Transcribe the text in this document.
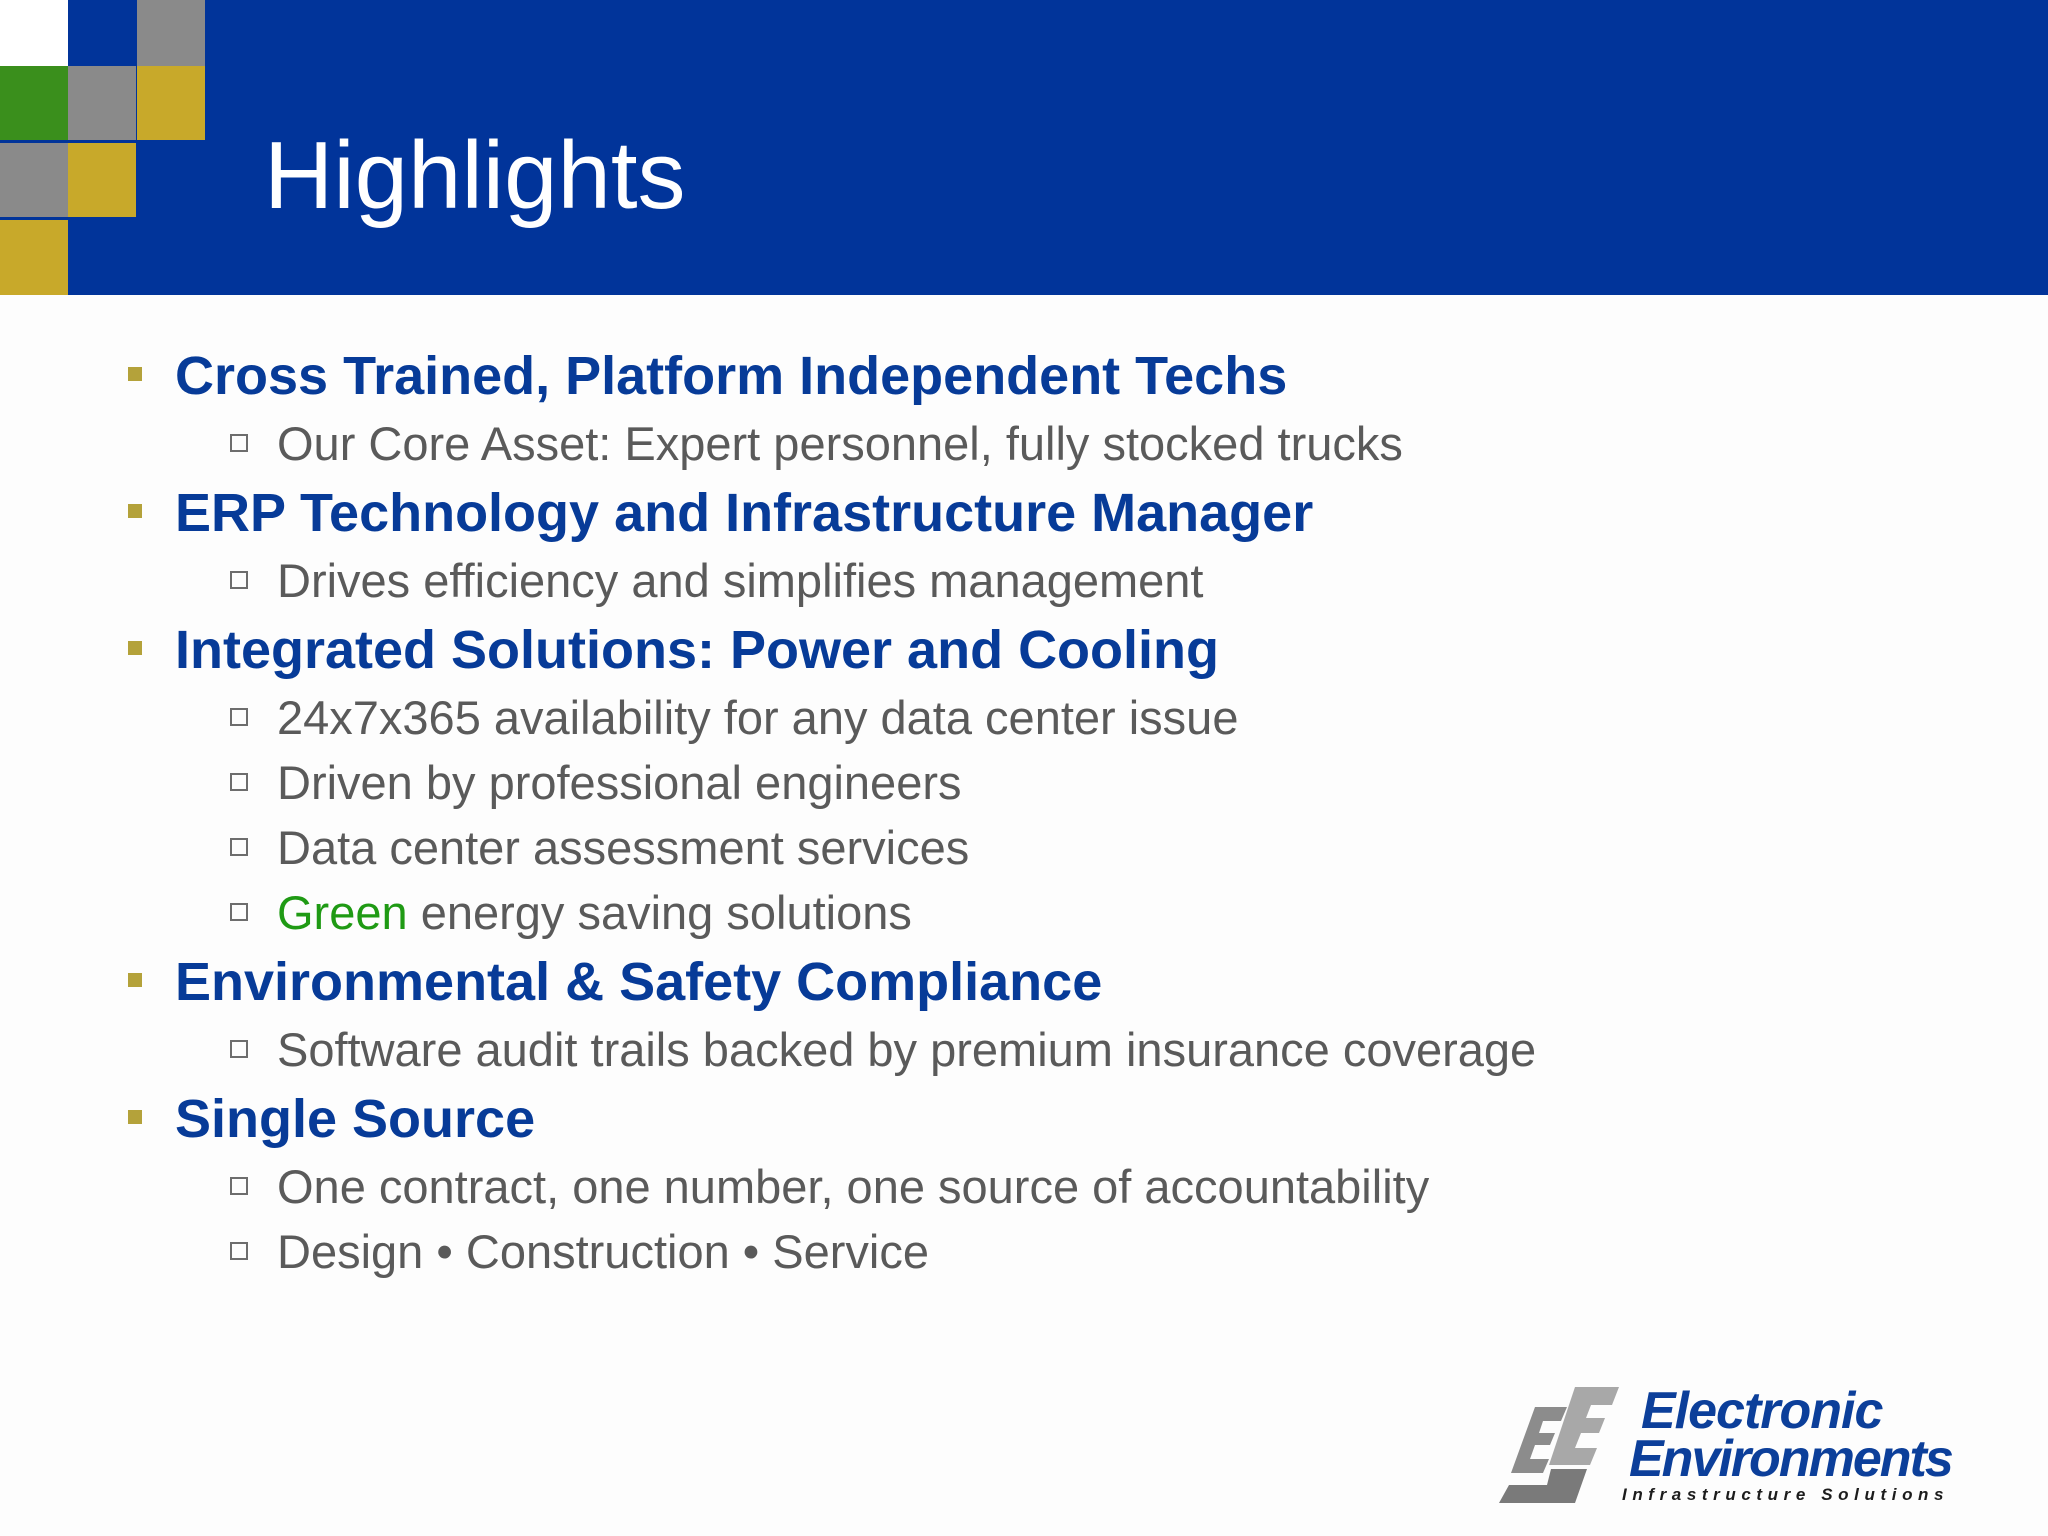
Highlights
Cross Trained, Platform Independent Techs
Our Core Asset: Expert personnel, fully stocked trucks
ERP Technology and Infrastructure Manager
Drives efficiency and simplifies management
Integrated Solutions: Power and Cooling
24x7x365 availability for any data center issue
Driven by professional engineers
Data center assessment services
Green energy saving solutions
Environmental & Safety Compliance
Software audit trails backed by premium insurance coverage
Single Source
One contract, one number, one source of accountability
Design • Construction • Service
Electronic
Environments
Infrastructure Solutions
